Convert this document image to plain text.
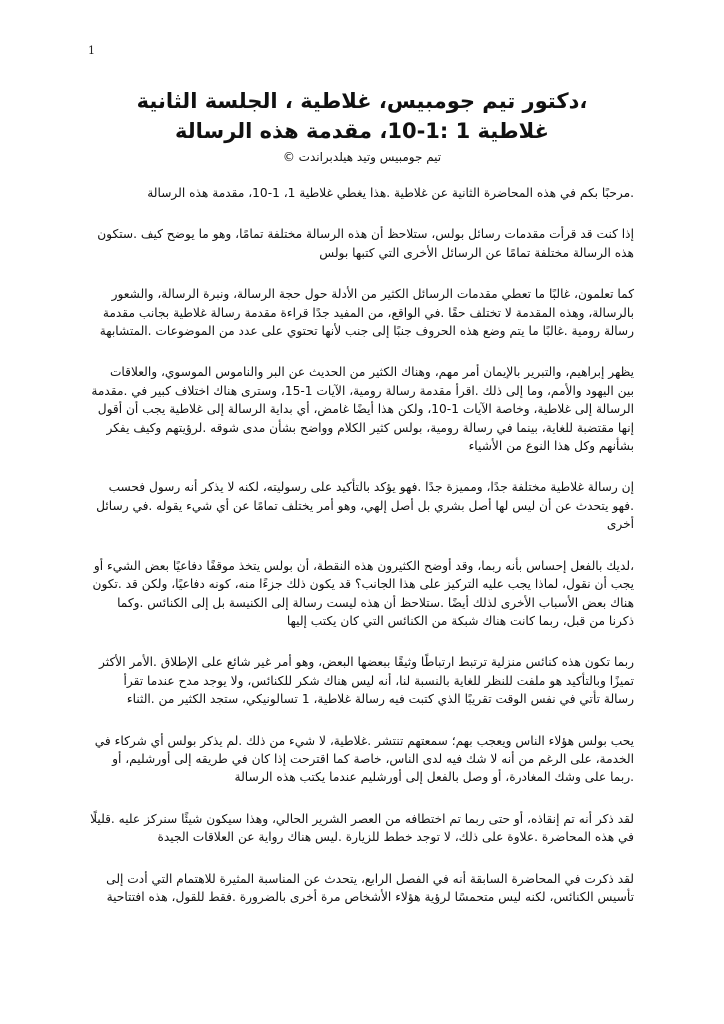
1
،دكتور تيم جومبيس، غلاطية ، الجلسة الثانية
غلاطية 1 :1-10، مقدمة هذه الرسالة
تيم جومبيس وتيد هيلدبراندت ©

.مرحبًا بكم في هذه المحاضرة الثانية عن غلاطية .هذا يغطي غلاطية 1، 1-10، مقدمة هذه الرسالة

إذا كنت قد قرأت مقدمات رسائل بولس، ستلاحظ أن هذه الرسالة مختلفة تمامًا، وهو ما يوضح كيف .ستكون هذه الرسالة مختلفة تمامًا عن الرسائل الأخرى التي كتبها بولس

كما تعلمون، غالبًا ما تعطي مقدمات الرسائل الكثير من الأدلة حول حجة الرسالة، ونبرة الرسالة، والشعور بالرسالة، وهذه المقدمة لا تختلف حقًا .في الواقع، من المفيد جدًا قراءة مقدمة رسالة غلاطية بجانب مقدمة رسالة رومية .غالبًا ما يتم وضع هذه الحروف جنبًا إلى جنب لأنها تحتوي على عدد من الموضوعات .المتشابهة

يظهر إبراهيم، والتبرير بالإيمان أمر مهم، وهناك الكثير من الحديث عن البر والناموس الموسوي، والعلاقات بين اليهود والأمم، وما إلى ذلك .اقرأ مقدمة رسالة رومية، الآيات 1-15، وسترى هناك اختلاف كبير في .مقدمة الرسالة إلى غلاطية، وخاصة الآيات 1-10، ولكن هذا أيضًا غامض، أي بداية الرسالة إلى غلاطية يجب أن أقول إنها مقتضبة للغاية، بينما في رسالة رومية، بولس كثير الكلام وواضح بشأن مدى شوقه .لرؤيتهم وكيف يفكر بشأنهم وكل هذا النوع من الأشياء

إن رسالة غلاطية مختلفة جدًا، ومميزة جدًا .فهو يؤكد بالتأكيد على رسوليته، لكنه لا يذكر أنه رسول فحسب .فهو يتحدث عن أن ليس لها أصل بشري بل أصل إلهي، وهو أمر يختلف تمامًا عن أي شيء يقوله .في رسائل أخرى

،لديك بالفعل إحساس بأنه ربما، وقد أوضح الكثيرون هذه النقطة، أن بولس يتخذ موقفًا دفاعيًا بعض الشيء أو يجب أن نقول، لماذا يجب عليه التركيز على هذا الجانب؟ قد يكون ذلك جزءًا منه، كونه دفاعيًا، ولكن قد .تكون هناك بعض الأسباب الأخرى لذلك أيضًا .ستلاحظ أن هذه ليست رسالة إلى الكنيسة بل إلى الكنائس .وكما ذكرنا من قبل، ربما كانت هناك شبكة من الكنائس التي كان يكتب إليها

ربما تكون هذه كنائس منزلية ترتبط ارتباطًا وثيقًا ببعضها البعض، وهو أمر غير شائع على الإطلاق .الأمر الأكثر تميزًا وبالتأكيد هو ملفت للنظر للغاية بالنسبة لنا، أنه ليس هناك شكر للكنائس، ولا يوجد مدح عندما تقرأ رسالة تأتي في نفس الوقت تقريبًا الذي كتبت فيه رسالة غلاطية، 1 تسالونيكي، ستجد الكثير من .الثناء

يحب بولس هؤلاء الناس ويعجب بهم؛ سمعتهم تنتشر .غلاطية، لا شيء من ذلك .لم يذكر بولس أي شركاء في الخدمة، على الرغم من أنه لا شك فيه لدى الناس، خاصة كما اقترحت إذا كان في طريقه إلى أورشليم، أو .ربما على وشك المغادرة، أو وصل بالفعل إلى أورشليم عندما يكتب هذه الرسالة

لقد ذكر أنه تم إنقاذه، أو حتى ربما تم اختطافه من العصر الشرير الحالي، وهذا سيكون شيئًا سنركز عليه .قليلًا في هذه المحاضرة .علاوة على ذلك، لا توجد خطط للزيارة .ليس هناك رواية عن العلاقات الجيدة

لقد ذكرت في المحاضرة السابقة أنه في الفصل الرابع، يتحدث عن المناسبة المثيرة للاهتمام التي أدت إلى تأسيس الكنائس، لكنه ليس متحمسًا لرؤية هؤلاء الأشخاص مرة أخرى بالضرورة .فقط للقول، هذه افتتاحية
